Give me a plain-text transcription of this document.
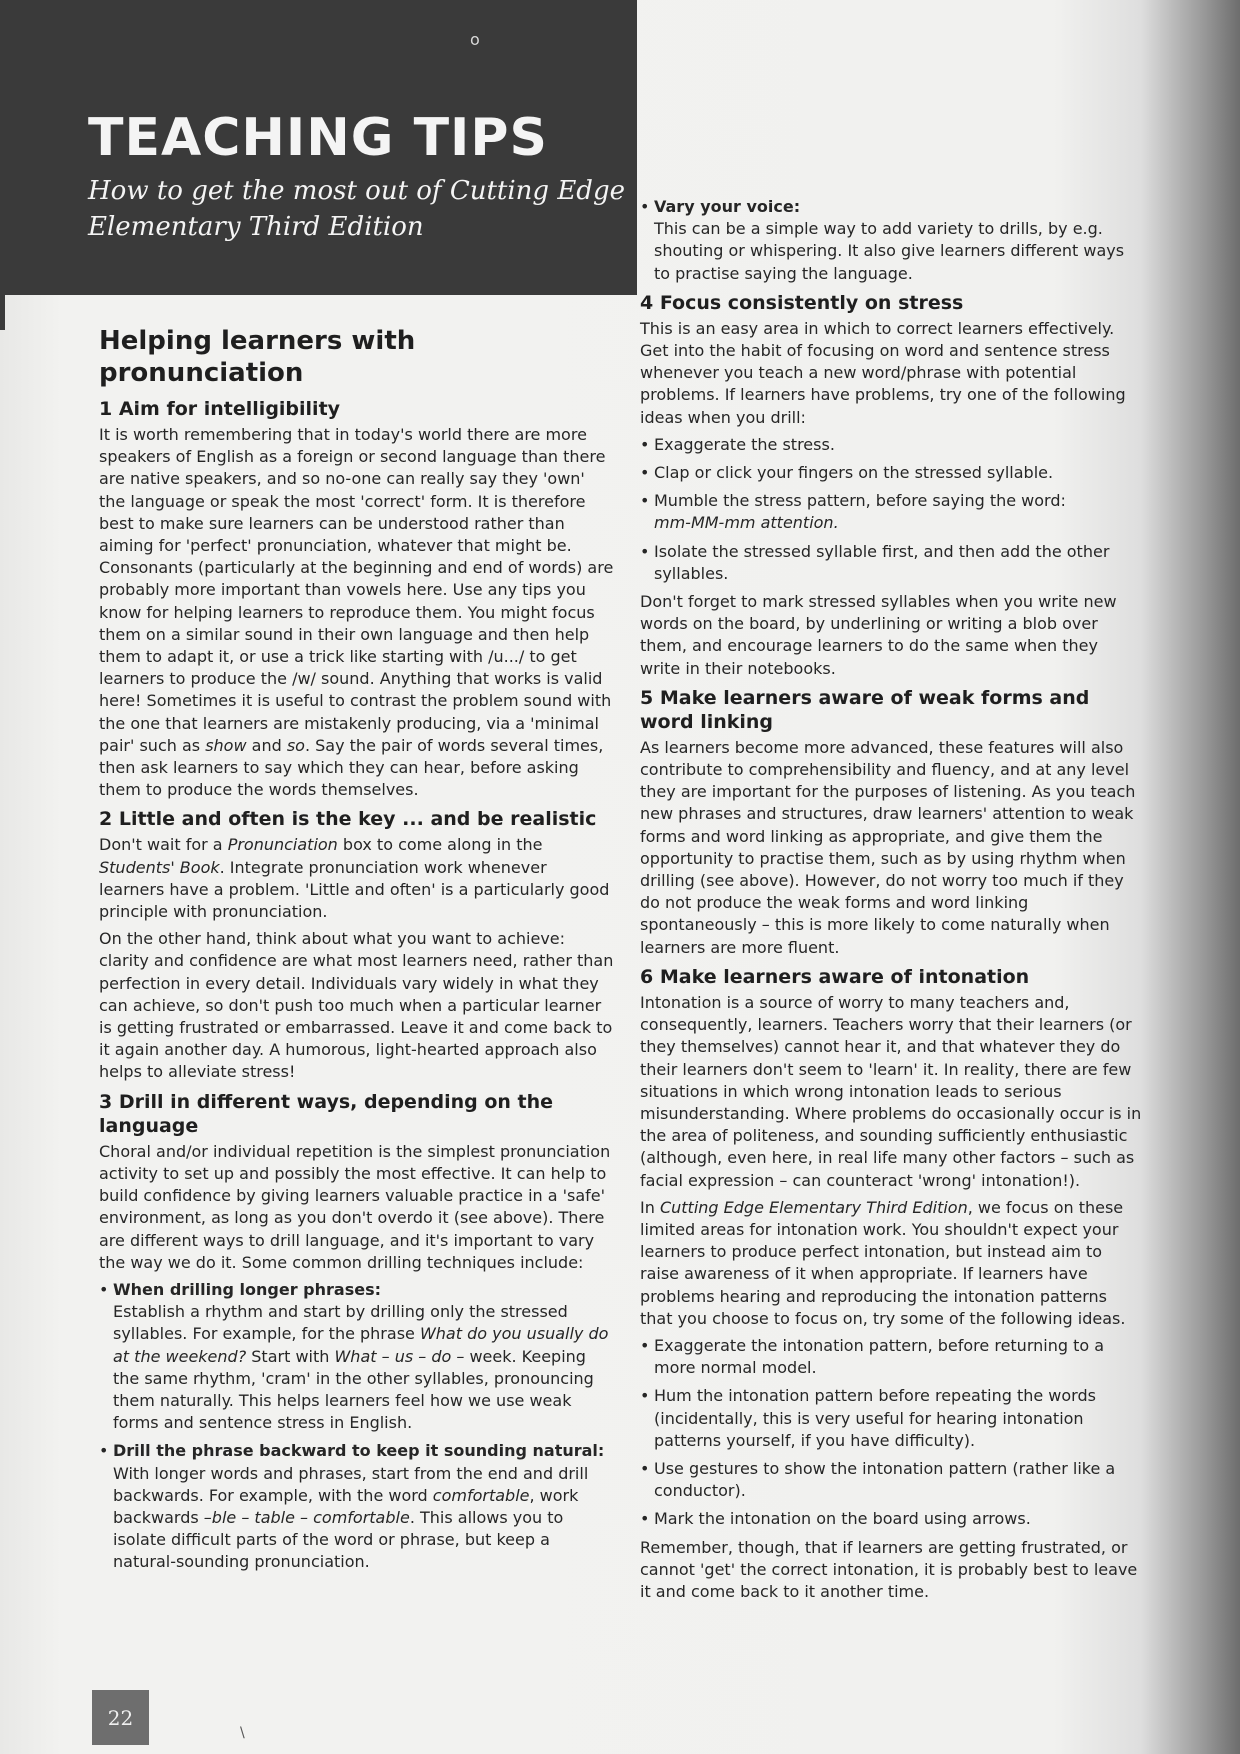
o
TEACHING TIPS

How to get the most out of Cutting Edge Elementary Third Edition

Helping learners with pronunciation
1 Aim for intelligibility

It is worth remembering that in today's world there are more speakers of English as a foreign or second language than there are native speakers, and so no-one can really say they 'own' the language or speak the most 'correct' form. It is therefore best to make sure learners can be understood rather than aiming for 'perfect' pronunciation, whatever that might be. Consonants (particularly at the beginning and end of words) are probably more important than vowels here. Use any tips you know for helping learners to reproduce them. You might focus them on a similar sound in their own language and then help them to adapt it, or use a trick like starting with /u.../ to get learners to produce the /w/ sound. Anything that works is valid here! Sometimes it is useful to contrast the problem sound with the one that learners are mistakenly producing, via a 'minimal pair' such as show and so. Say the pair of words several times, then ask learners to say which they can hear, before asking them to produce the words themselves.

2 Little and often is the key ... and be realistic

Don't wait for a Pronunciation box to come along in the Students' Book. Integrate pronunciation work whenever learners have a problem. 'Little and often' is a particularly good principle with pronunciation.

On the other hand, think about what you want to achieve: clarity and confidence are what most learners need, rather than perfection in every detail. Individuals vary widely in what they can achieve, so don't push too much when a particular learner is getting frustrated or embarrassed. Leave it and come back to it again another day. A humorous, light-hearted approach also helps to alleviate stress!

3 Drill in different ways, depending on the language

Choral and/or individual repetition is the simplest pronunciation activity to set up and possibly the most effective. It can help to build confidence by giving learners valuable practice in a 'safe' environment, as long as you don't overdo it (see above). There are different ways to drill language, and it's important to vary the way we do it. Some common drilling techniques include:

• When drilling longer phrases:
Establish a rhythm and start by drilling only the stressed syllables. For example, for the phrase What do you usually do at the weekend? Start with What – us – do – week. Keeping the same rhythm, 'cram' in the other syllables, pronouncing them naturally. This helps learners feel how we use weak forms and sentence stress in English.
• Drill the phrase backward to keep it sounding natural:
With longer words and phrases, start from the end and drill backwards. For example, with the word comfortable, work backwards –ble – table – comfortable. This allows you to isolate difficult parts of the word or phrase, but keep a natural-sounding pronunciation.
• Vary your voice:
This can be a simple way to add variety to drills, by e.g. shouting or whispering. It also give learners different ways to practise saying the language.
4 Focus consistently on stress

This is an easy area in which to correct learners effectively. Get into the habit of focusing on word and sentence stress whenever you teach a new word/phrase with potential problems. If learners have problems, try one of the following ideas when you drill:

• Exaggerate the stress.
• Clap or click your fingers on the stressed syllable.
• Mumble the stress pattern, before saying the word:
mm-MM-mm attention.
• Isolate the stressed syllable first, and then add the other syllables.

Don't forget to mark stressed syllables when you write new words on the board, by underlining or writing a blob over them, and encourage learners to do the same when they write in their notebooks.

5 Make learners aware of weak forms and word linking

As learners become more advanced, these features will also contribute to comprehensibility and fluency, and at any level they are important for the purposes of listening. As you teach new phrases and structures, draw learners' attention to weak forms and word linking as appropriate, and give them the opportunity to practise them, such as by using rhythm when drilling (see above). However, do not worry too much if they do not produce the weak forms and word linking spontaneously – this is more likely to come naturally when learners are more fluent.

6 Make learners aware of intonation

Intonation is a source of worry to many teachers and, consequently, learners. Teachers worry that their learners (or they themselves) cannot hear it, and that whatever they do their learners don't seem to 'learn' it. In reality, there are few situations in which wrong intonation leads to serious misunderstanding. Where problems do occasionally occur is in the area of politeness, and sounding sufficiently enthusiastic (although, even here, in real life many other factors – such as facial expression – can counteract 'wrong' intonation!).

In Cutting Edge Elementary Third Edition, we focus on these limited areas for intonation work. You shouldn't expect your learners to produce perfect intonation, but instead aim to raise awareness of it when appropriate. If learners have problems hearing and reproducing the intonation patterns that you choose to focus on, try some of the following ideas.

• Exaggerate the intonation pattern, before returning to a more normal model.
• Hum the intonation pattern before repeating the words (incidentally, this is very useful for hearing intonation patterns yourself, if you have difficulty).
• Use gestures to show the intonation pattern (rather like a conductor).
• Mark the intonation on the board using arrows.

Remember, though, that if learners are getting frustrated, or cannot 'get' the correct intonation, it is probably best to leave it and come back to it another time.

22
\
